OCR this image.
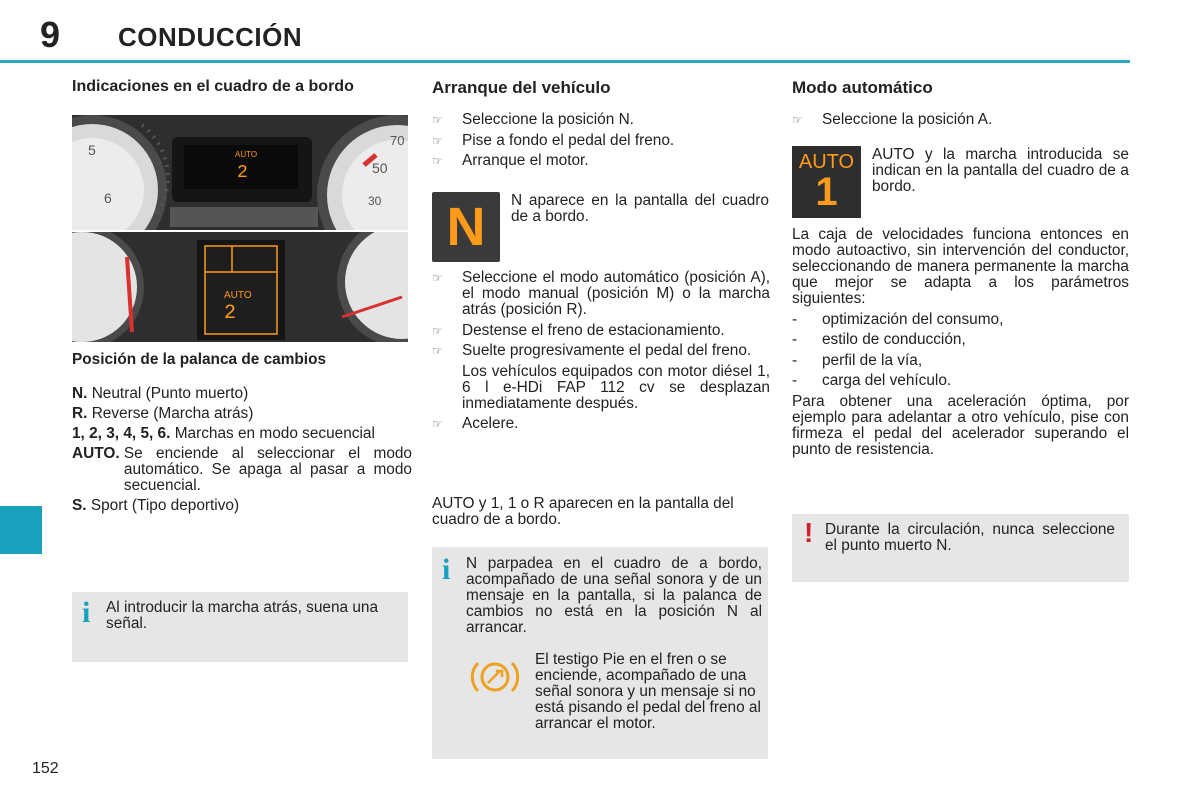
9 CONDUCCIÓN
152
Indicaciones en el cuadro de a bordo
5
6
70
50
30
AUTO
2
AUTO
2
Posición de la palanca de cambios
N.
Neutral (Punto muerto)
R.
Reverse (Marcha atrás)
1, 2, 3, 4, 5, 6.
Marchas en modo secuencial
AUTO.
Se enciende al seleccionar el modo automático. Se apaga al pasar a modo secuencial.
S.
Sport (Tipo deportivo)
i Al introducir la marcha atrás, suena una señal.

Arranque del vehículo
☞ Seleccione la posición N.
☞ Pise a fondo el pedal del freno.
☞ Arranque el motor.
N	N aparece en la pantalla del cuadro de a bordo.

☞ Seleccione el modo automático (posición A), el modo manual (posición M) o la marcha atrás (posición R).
☞ Destense el freno de estacionamiento.
☞ Suelte progresivamente el pedal del freno.

Los vehículos equipados con motor diésel 1, 6 l e-HDi FAP 112 cv se desplazan inmediatamente después.

☞ Acelere.

AUTO y 1, 1 o R aparecen en la pantalla del cuadro de a bordo.

i N parpadea en el cuadro de a bordo, acompañado de una señal sonora y de un mensaje en la pantalla, si la palanca de cambios no está en la posición N al arrancar.

El testigo Pie en el fren o se enciende, acompañado de una señal sonora y un mensaje si no está pisando el pedal del freno al arrancar el motor.

Modo automático
☞ Seleccione la posición A.
AUTO
1

AUTO y la marcha introducida se indican en la pantalla del cuadro de a bordo.

La caja de velocidades funciona entonces en modo autoactivo, sin intervención del conductor, seleccionando de manera permanente la marcha que mejor se adapta a los parámetros siguientes:

- optimización del consumo,
- estilo de conducción,
- perfil de la vía,
- carga del vehículo.

Para obtener una aceleración óptima, por ejemplo para adelantar a otro vehículo, pise con firmeza el pedal del acelerador superando el punto de resistencia.

! Durante la circulación, nunca seleccione el punto muerto N.
